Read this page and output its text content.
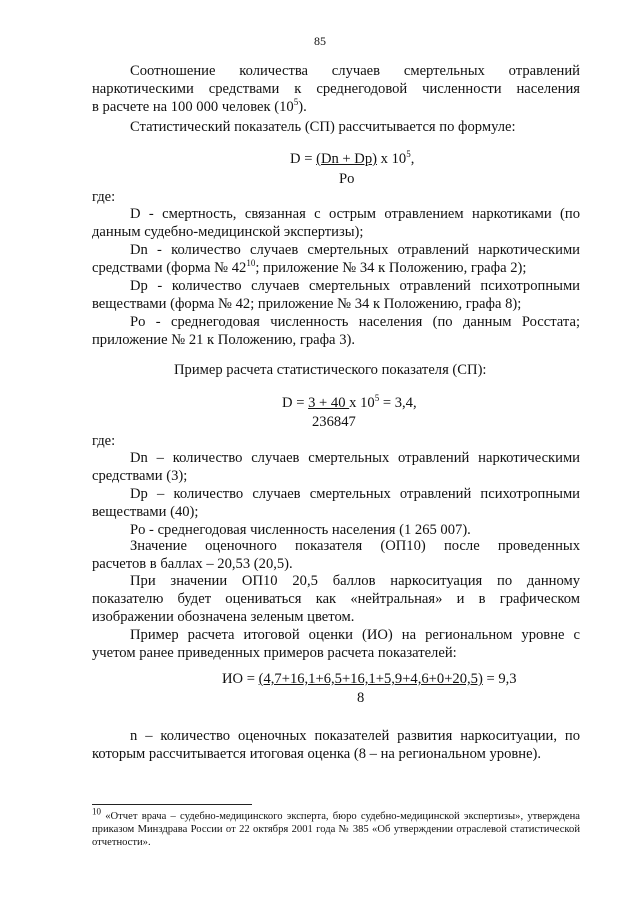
85
Соотношение количества случаев смертельных отравлений
наркотическими средствами к среднегодовой численности населения
в расчете на 100 000 человек $(10^5)$.
Статистический показатель (СП) рассчитывается по формуле:
D = (Dn + Dp) x $10^5$,
Po
где:
D - смертность, связанная с острым отравлением наркотиками (по
данным судебно-медицинской экспертизы);
Dn - количество случаев смертельных отравлений наркотическими
средствами (форма № $42^{10}$; приложение № 34 к Положению, графа 2);
Dp - количество случаев смертельных отравлений психотропными
веществами (форма № 42; приложение № 34 к Положению, графа 8);
Po - среднегодовая численность населения (по данным Росстата;
приложение № 21 к Положению, графа 3).
Пример расчета статистического показателя (СП):
D = 3 + 40 x $10^5 = 3,4$,
236847
где:
Dn – количество случаев смертельных отравлений наркотическими
средствами (3);
Dp – количество случаев смертельных отравлений психотропными
веществами (40);
Po - среднегодовая численность населения (1 265 007).
Значение оценочного показателя (ОП10) после проведенных
расчетов в баллах – 20,53 (20,5).
При значении ОП10 20,5 баллов наркоситуация по данному
показателю будет оцениваться как «нейтральная» и в графическом
изображении обозначена зеленым цветом.
Пример расчета итоговой оценки (ИО) на региональном уровне с
учетом ранее приведенных примеров расчета показателей:
ИО = (4,7+16,1+6,5+16,1+5,9+4,6+0+20,5) = 9,3
8
n – количество оценочных показателей развития наркоситуации, по
которым рассчитывается итоговая оценка (8 – на региональном уровне).
$^{10}$ «Отчет врача – судебно-медицинского эксперта, бюро судебно-медицинской экспертизы», утверждена приказом Минздрава России от 22 октября 2001 года № 385 «Об утверждении отраслевой статистической отчетности».
